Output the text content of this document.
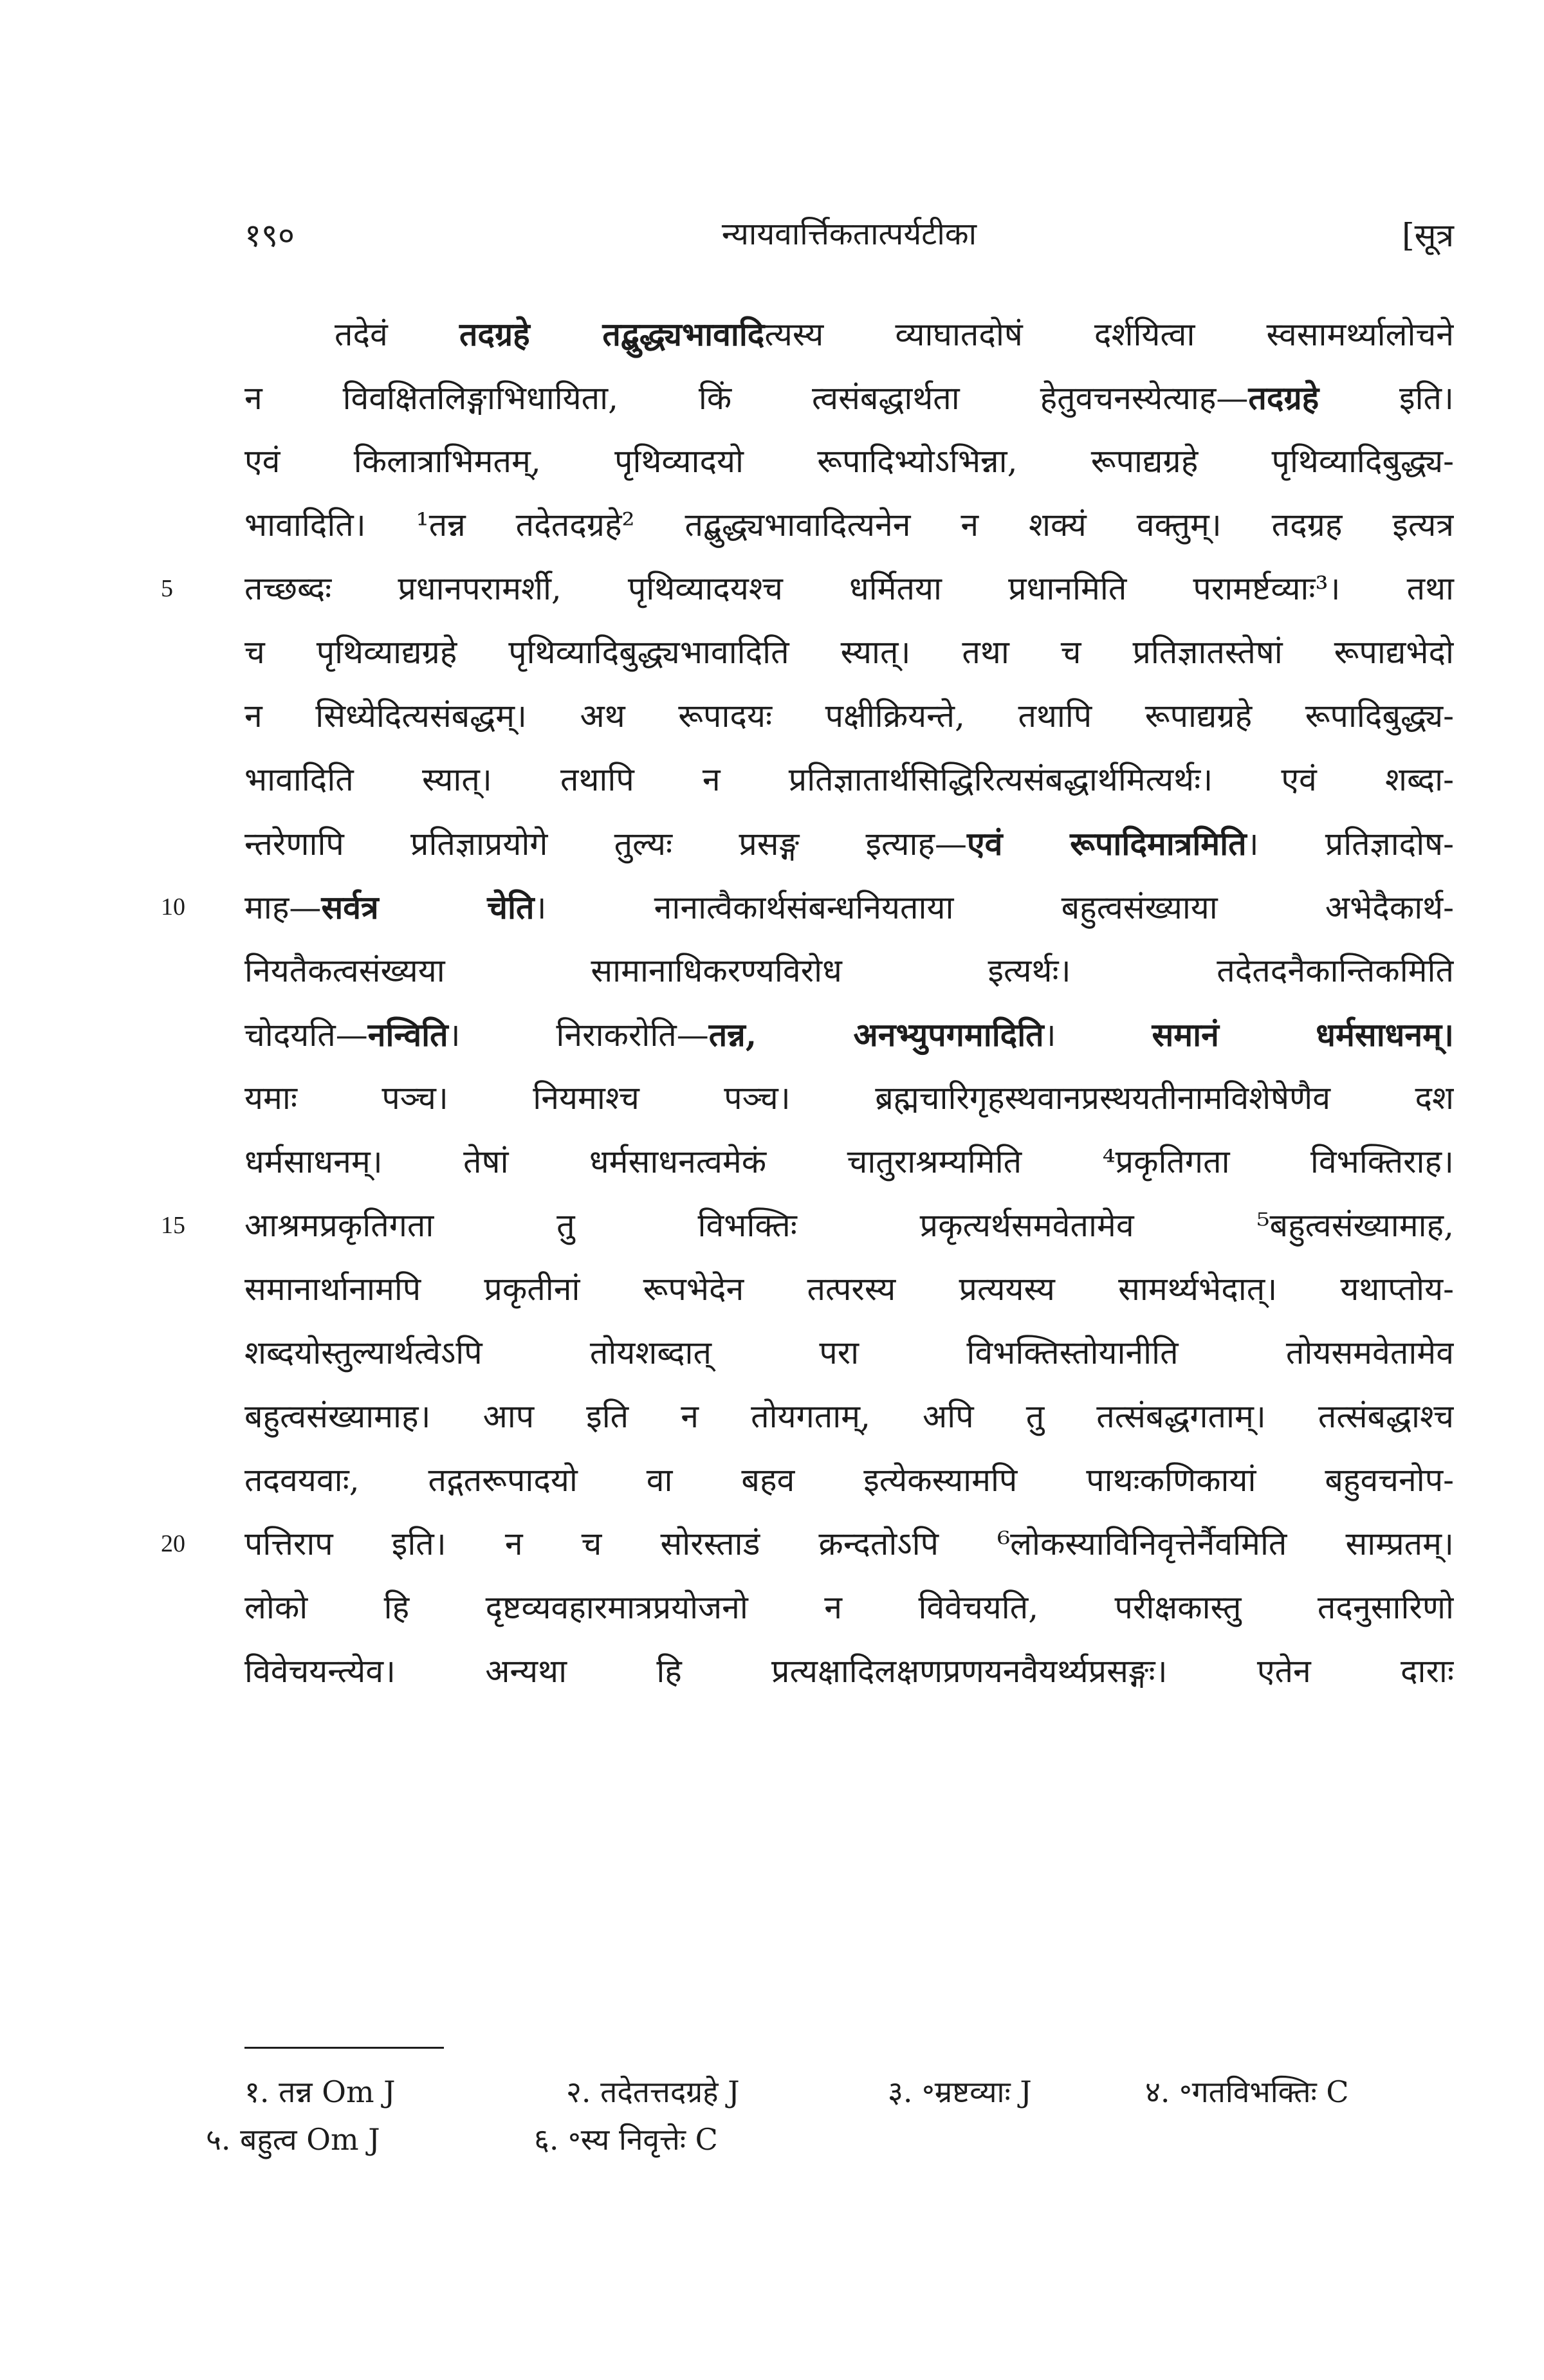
१९०	न्यायवार्त्तिकतात्पर्यटीका	[सूत्र
तदेवं तदग्रहे तद्बुद्ध्यभावादित्यस्य व्याघातदोषं दर्शयित्वा स्वसामर्थ्यालोचने
न विवक्षितलिङ्गाभिधायिता, किं त्वसंबद्धार्थता हेतुवचनस्येत्याह—तदग्रहे इति।
एवं किलात्राभिमतम्, पृथिव्यादयो रूपादिभ्योऽभिन्ना, रूपाद्यग्रहे पृथिव्यादिबुद्ध्य-
भावादिति। ¹तन्न तदेतदग्रहे² तद्बुद्ध्यभावादित्यनेन न शक्यं वक्तुम्। तदग्रह इत्यत्र
5	तच्छब्दः प्रधानपरामर्शी, पृथिव्यादयश्च धर्मितया प्रधानमिति परामर्ष्टव्याः³। तथा
च पृथिव्याद्यग्रहे पृथिव्यादिबुद्ध्यभावादिति स्यात्। तथा च प्रतिज्ञातस्तेषां रूपाद्यभेदो
न सिध्येदित्यसंबद्धम्। अथ रूपादयः पक्षीक्रियन्ते, तथापि रूपाद्यग्रहे रूपादिबुद्ध्य-
भावादिति स्यात्। तथापि न प्रतिज्ञातार्थसिद्धिरित्यसंबद्धार्थमित्यर्थः। एवं शब्दा-
न्तरेणापि प्रतिज्ञाप्रयोगे तुल्यः प्रसङ्ग इत्याह—एवं रूपादिमात्रमिति। प्रतिज्ञादोष-
10	माह—सर्वत्र चेति। नानात्वैकार्थसंबन्धनियताया बहुत्वसंख्याया अभेदैकार्थ-
नियतैकत्वसंख्यया सामानाधिकरण्यविरोध इत्यर्थः। तदेतदनैकान्तिकमिति
चोदयति—नन्विति। निराकरोति—तन्न, अनभ्युपगमादिति। समानं धर्मसाधनम्।
यमाः पञ्च। नियमाश्च पञ्च। ब्रह्मचारिगृहस्थवानप्रस्थयतीनामविशेषेणैव दश
धर्मसाधनम्। तेषां धर्मसाधनत्वमेकं चातुराश्रम्यमिति ⁴प्रकृतिगता विभक्तिराह।
15	आश्रमप्रकृतिगता तु विभक्तिः प्रकृत्यर्थसमवेतामेव ⁵बहुत्वसंख्यामाह,
समानार्थानामपि प्रकृतीनां रूपभेदेन तत्परस्य प्रत्ययस्य सामर्थ्यभेदात्। यथाप्तोय-
शब्दयोस्तुल्यार्थत्वेऽपि तोयशब्दात् परा विभक्तिस्तोयानीति तोयसमवेतामेव
बहुत्वसंख्यामाह। आप इति न तोयगताम्, अपि तु तत्संबद्धगताम्। तत्संबद्धाश्च
तदवयवाः, तद्गतरूपादयो वा बहव इत्येकस्यामपि पाथःकणिकायां बहुवचनोप-
20	पत्तिराप इति। न च सोरस्ताडं क्रन्दतोऽपि ⁶लोकस्याविनिवृत्तेर्नैवमिति साम्प्रतम्।
लोको हि दृष्टव्यवहारमात्रप्रयोजनो न विवेचयति, परीक्षकास्तु तदनुसारिणो
विवेचयन्त्येव। अन्यथा हि प्रत्यक्षादिलक्षणप्रणयनवैयर्थ्यप्रसङ्गः। एतेन दाराः
१. तन्न Om J	२. तदेतत्तदग्रहे J	३. ॰म्रष्टव्याः J	४. ॰गतविभक्तिः C
५. बहुत्व Om J	६. ॰स्य निवृत्तेः C
